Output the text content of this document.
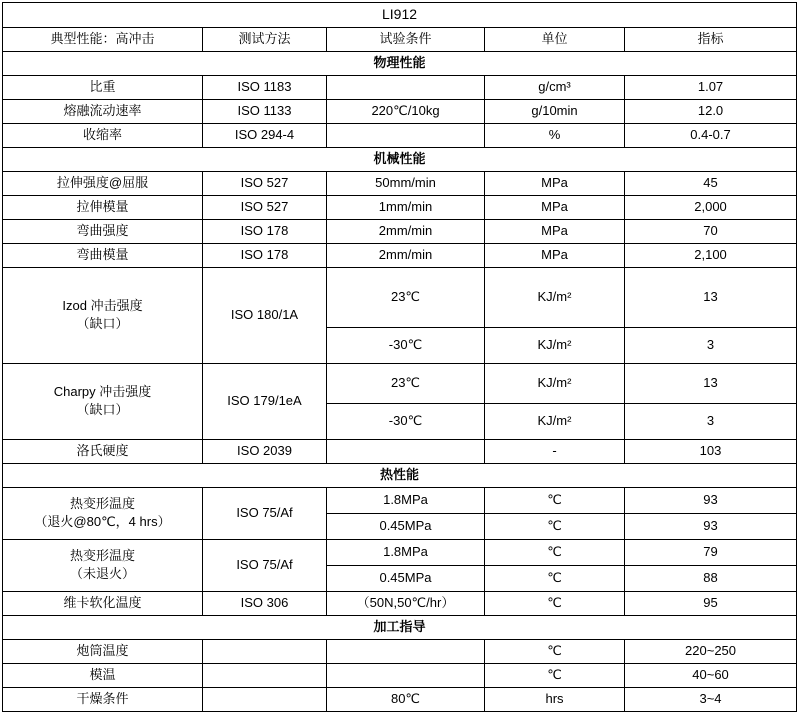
LI912				
典型性能：高冲击	测试方法	试验条件	单位	指标
物理性能				
比重	ISO 1183		g/cm³	1.07
熔融流动速率	ISO 1133	220℃/10kg	g/10min	12.0
收缩率	ISO 294-4		%	0.4-0.7
机械性能				
拉伸强度@屈服	ISO 527	50mm/min	MPa	45
拉伸模量	ISO 527	1mm/min	MPa	2,000
弯曲强度	ISO 178	2mm/min	MPa	70
弯曲模量	ISO 178	2mm/min	MPa	2,100

Izod 冲击强度
（缺口）	ISO 180/1A	23℃	KJ/m²	13
		-30℃	KJ/m²	3

Charpy 冲击强度
（缺口）	ISO 179/1eA	23℃	KJ/m²	13
		-30℃	KJ/m²	3
洛氏硬度	ISO 2039		-	103
热性能				

热变形温度
（退火@80℃，4 hrs）	ISO 75/Af	1.8MPa	℃	93
		0.45MPa	℃	93

热变形温度
（未退火）	ISO 75/Af	1.8MPa	℃	79
		0.45MPa	℃	88
维卡软化温度	ISO 306	（50N,50℃/hr）	℃	95
加工指导				
炮筒温度			℃	220~250
模温			℃	40~60
干燥条件		80℃	hrs	3~4
